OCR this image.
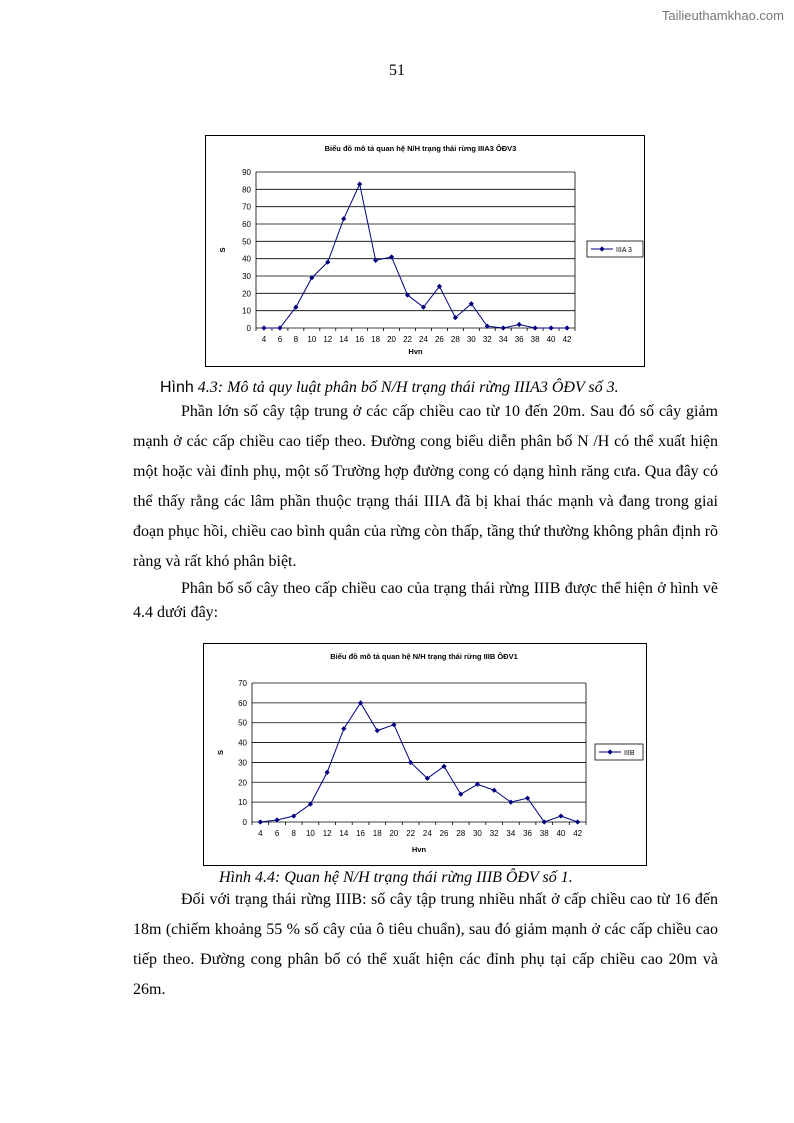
Tailieuthamkhao.com
51
Biểu đồ mô tả quan hệ N/H trạng thái rừng IIIA3 ÔĐV3
0
10
20
30
40
50
60
70
80
90
4 6 8 10 12 14 16 18 20 22 24 26 28 30 32 34 36 38 40 42
Hvn
S	IIIA 3
Hình 4.3: Mô tả quy luật phân bố N/H trạng thái rừng IIIA3 ÔĐV số 3.
Phần lớn số cây tập trung ở các cấp chiều cao từ 10 đến 20m. Sau đó số cây giảm mạnh ở các cấp chiều cao tiếp theo. Đường cong biểu diễn phân bố N /H có thể xuất hiện một hoặc vài đỉnh phụ, một số Trường hợp đường cong có dạng hình răng cưa. Qua đây có thể thấy rằng các lâm phần thuộc trạng thái IIIA đã bị khai thác mạnh và đang trong giai đoạn phục hồi, chiều cao bình quân của rừng còn thấp, tầng thứ thường không phân định rõ ràng và rất khó phân biệt.
Phân bố số cây theo cấp chiều cao của trạng thái rừng IIIB được thể hiện ở hình vẽ 4.4 dưới đây:
Biểu đồ mô tả quan hệ N/H trạng thái rừng IIIB ÔĐV1
0
10
20
30
40
50
60
70
4 6 8 10 12 14 16 18 20 22 24 26 28 30 32 34 36 38 40 42
Hvn
S	IIIB
Hình 4.4: Quan hệ N/H trạng thái rừng IIIB ÔĐV số 1.
Đối với trạng thái rừng IIIB: số cây tập trung nhiều nhất ở cấp chiều cao từ 16 đến 18m (chiếm khoảng 55 % số cây của ô tiêu chuẩn), sau đó giảm mạnh ở các cấp chiều cao tiếp theo. Đường cong phân bố có thể xuất hiện các đỉnh phụ tại cấp chiều cao 20m và 26m.
